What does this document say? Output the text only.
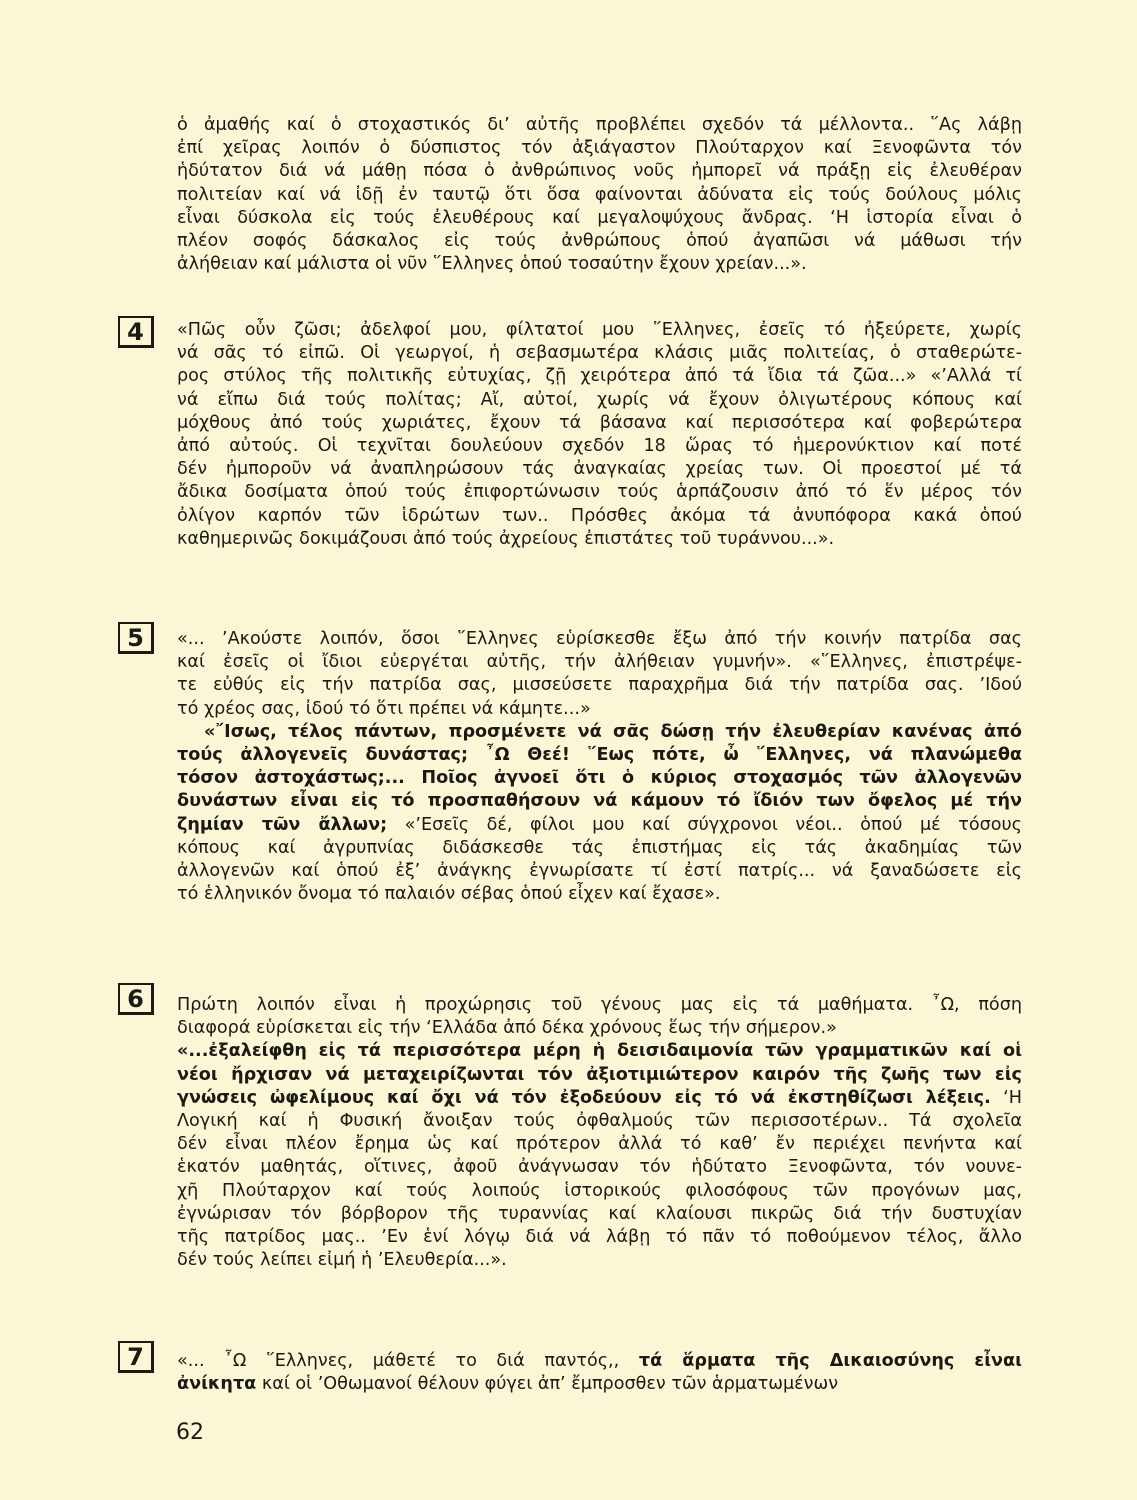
ὁ ἀμαθής καί ὁ στοχαστικός δι’ αὐτῆς προβλέπει σχεδόν τά μέλλοντα.. ῞Ας λάβῃ
ἐπί χεῖρας λοιπόν ὁ δύσπιστος τόν ἀξιάγαστον Πλούταρχον καί Ξενοφῶντα τόν
ἡδύτατον διά νά μάθῃ πόσα ὁ ἀνθρώπινος νοῦς ἠμπορεῖ νά πράξῃ εἰς ἐλευθέραν
πολιτείαν καί νά ἰδῇ ἐν ταυτῷ ὅτι ὅσα φαίνονται ἀδύνατα εἰς τούς δούλους μόλις
εἶναι δύσκολα εἰς τούς ἐλευθέρους καί μεγαλοψύχους ἄνδρας. ‘Η ἱστορία εἶναι ὁ
πλέον σοφός δάσκαλος εἰς τούς ἀνθρώπους ὁπού ἀγαπῶσι νά μάθωσι τήν
ἀλήθειαν καί μάλιστα οἱ νῦν ῞Ελληνες ὁπού τοσαύτην ἔχουν χρείαν...».
4	«Πῶς οὖν ζῶσι; ἀδελφοί μου, φίλτατοί μου ῞Ελληνες, ἐσεῖς τό ἠξεύρετε, χωρίς
νά σᾶς τό εἰπῶ. Οἱ γεωργοί, ἡ σεβασμωτέρα κλάσις μιᾶς πολιτείας, ὁ σταθερώτε-
ρος στύλος τῆς πολιτικῆς εὐτυχίας, ζῇ χειρότερα ἀπό τά ἴδια τά ζῶα...» «’Αλλά τί
νά εἴπω διά τούς πολίτας; Αἴ, αὐτοί, χωρίς νά ἔχουν ὀλιγωτέρους κόπους καί
μόχθους ἀπό τούς χωριάτες, ἔχουν τά βάσανα καί περισσότερα καί φοβερώτερα
ἀπό αὐτούς. Οἱ τεχνῖται δουλεύουν σχεδόν 18 ὥρας τό ἡμερονύκτιον καί ποτέ
δέν ἠμποροῦν νά ἀναπληρώσουν τάς ἀναγκαίας χρείας των. Οἱ προεστοί μέ τά
ἄδικα δοσίματα ὁπού τούς ἐπιφορτώνωσιν τούς ἁρπάζουσιν ἀπό τό ἕν μέρος τόν
ὀλίγον καρπόν τῶν ἱδρώτων των.. Πρόσθες ἀκόμα τά ἀνυπόφορα κακά ὁπού
καθημερινῶς δοκιμάζουσι ἀπό τούς ἀχρείους ἐπιστάτες τοῦ τυράννου...».
5	«... ’Ακούστε λοιπόν, ὅσοι ῞Ελληνες εὑρίσκεσθε ἔξω ἀπό τήν κοινήν πατρίδα σας
καί ἐσεῖς οἱ ἴδιοι εὐεργέται αὐτῆς, τήν ἀλήθειαν γυμνήν». «῞Ελληνες, ἐπιστρέψε-
τε εὐθύς εἰς τήν πατρίδα σας, μισσεύσετε παραχρῆμα διά τήν πατρίδα σας. ’Ιδού
τό χρέος σας, ἰδού τό ὅτι πρέπει νά κάμητε...»
«῎Ισως, τέλος πάντων, προσμένετε νά σᾶς δώσῃ τήν ἐλευθερίαν κανένας ἀπό
τούς ἀλλογενεῖς δυνάστας; ῏Ω Θεέ! ῞Εως πότε, ὦ ῞Ελληνες, νά πλανώμεθα
τόσον ἀστοχάστως;... Ποῖος ἀγνοεῖ ὅτι ὁ κύριος στοχασμός τῶν ἀλλογενῶν
δυνάστων εἶναι εἰς τό προσπαθήσουν νά κάμουν τό ἴδιόν των ὄφελος μέ τήν
ζημίαν τῶν ἄλλων; «’Εσεῖς δέ, φίλοι μου καί σύγχρονοι νέοι.. ὁπού μέ τόσους
κόπους καί ἀγρυπνίας διδάσκεσθε τάς ἐπιστήμας εἰς τάς ἀκαδημίας τῶν
ἀλλογενῶν καί ὁπού ἐξ’ ἀνάγκης ἐγνωρίσατε τί ἐστί πατρίς... νά ξαναδώσετε εἰς
τό ἑλληνικόν ὄνομα τό παλαιόν σέβας ὁπού εἶχεν καί ἔχασε».
6	Πρώτη λοιπόν εἶναι ἡ προχώρησις τοῦ γένους μας εἰς τά μαθήματα. ῏Ω, πόση
διαφορά εὑρίσκεται εἰς τήν ‘Ελλάδα ἀπό δέκα χρόνους ἕως τήν σήμερον.»
«...ἐξαλείφθη εἰς τά περισσότερα μέρη ἡ δεισιδαιμονία τῶν γραμματικῶν καί οἱ
νέοι ἤρχισαν νά μεταχειρίζωνται τόν ἀξιοτιμιώτερον καιρόν τῆς ζωῆς των εἰς
γνώσεις ὠφελίμους καί ὄχι νά τόν ἐξοδεύουν εἰς τό νά ἐκστηθίζωσι λέξεις. ‘Η
Λογική καί ἡ Φυσική ἄνοιξαν τούς ὀφθαλμούς τῶν περισσοτέρων.. Τά σχολεῖα
δέν εἶναι πλέον ἔρημα ὡς καί πρότερον ἀλλά τό καθ’ ἔν περιέχει πενήντα καί
ἑκατόν μαθητάς, οἵτινες, ἀφοῦ ἀνάγνωσαν τόν ἡδύτατο Ξενοφῶντα, τόν νουνε-
χῆ Πλούταρχον καί τούς λοιπούς ἱστορικούς φιλοσόφους τῶν προγόνων μας,
ἐγνώρισαν τόν βόρβορον τῆς τυραννίας καί κλαίουσι πικρῶς διά τήν δυστυχίαν
τῆς πατρίδος μας.. ’Εν ἑνί λόγῳ διά νά λάβῃ τό πᾶν τό ποθούμενον τέλος, ἄλλο
δέν τούς λείπει εἰμή ἡ ’Ελευθερία...».
7	«... ῏Ω ῞Ελληνες, μάθετέ το διά παντός,, τά ἅρματα τῆς Δικαιοσύνης εἶναι
ἀνίκητα καί οἱ ’Οθωμανοί θέλουν φύγει ἀπ’ ἔμπροσθεν τῶν ἁρματωμένων
62
